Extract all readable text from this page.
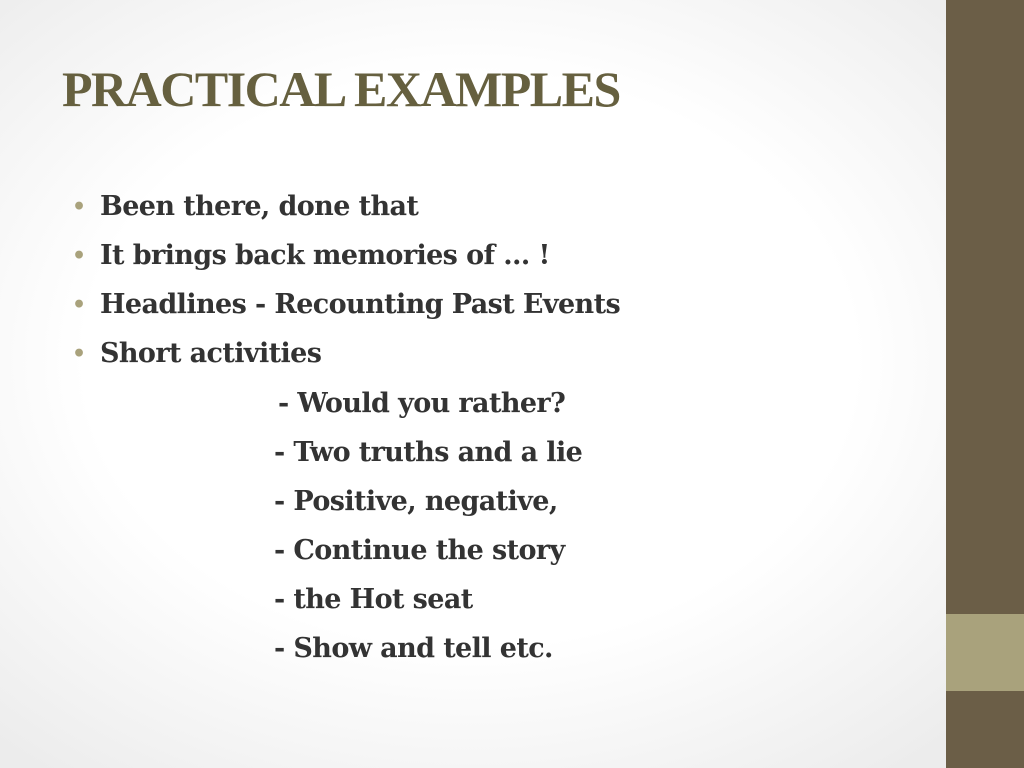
PRACTICAL EXAMPLES
• Been there, done that
• It brings back memories of … !
• Headlines - Recounting Past Events
• Short activities
- Would you rather?
- Two truths and a lie
- Positive, negative,
- Continue the story
- the Hot seat
- Show and tell etc.
